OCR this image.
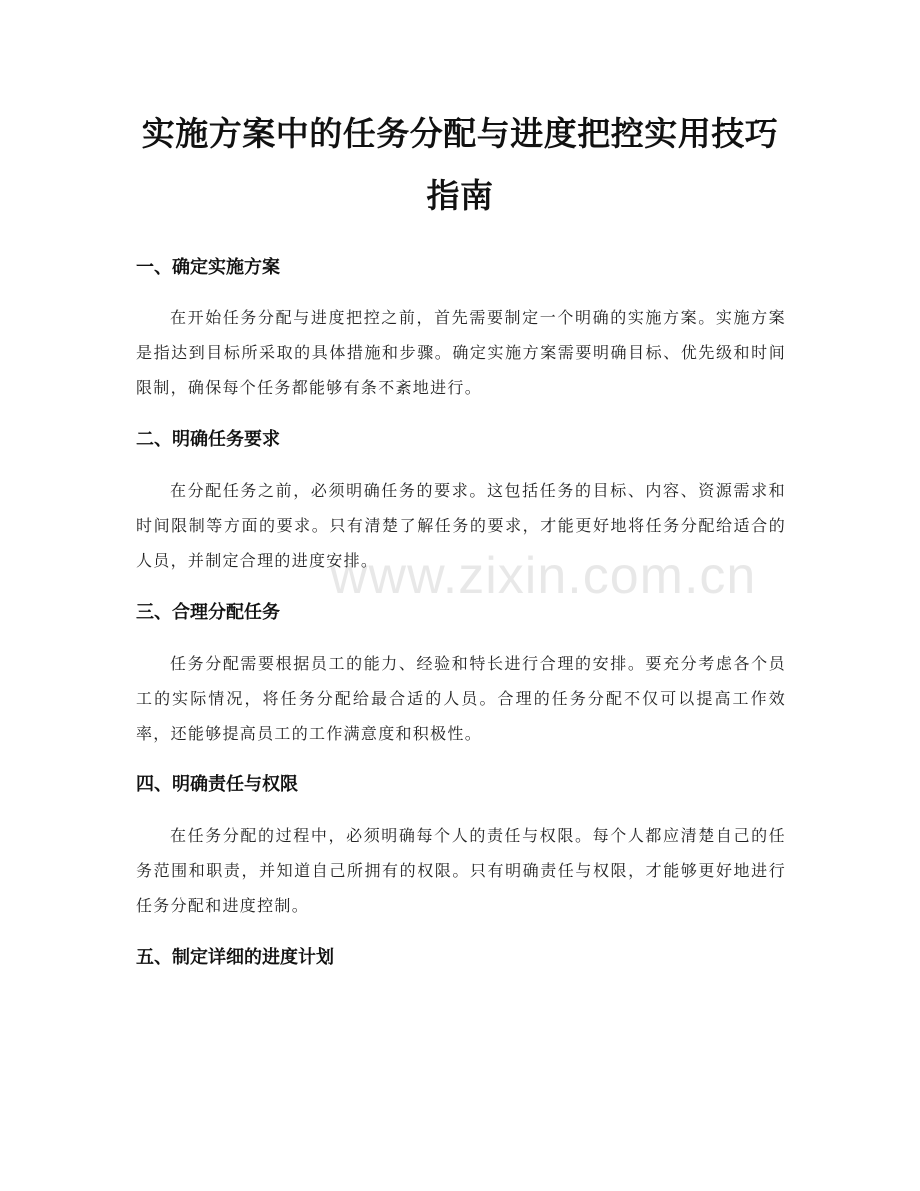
实施方案中的任务分配与进度把控实用技巧
指南
一、确定实施方案
在开始任务分配与进度把控之前，首先需要制定一个明确的实施方案。实施方案是指达到目标所采取的具体措施和步骤。确定实施方案需要明确目标、优先级和时间限制，确保每个任务都能够有条不紊地进行。
二、明确任务要求
在分配任务之前，必须明确任务的要求。这包括任务的目标、内容、资源需求和时间限制等方面的要求。只有清楚了解任务的要求，才能更好地将任务分配给适合的人员，并制定合理的进度安排。
三、合理分配任务
任务分配需要根据员工的能力、经验和特长进行合理的安排。要充分考虑各个员工的实际情况，将任务分配给最合适的人员。合理的任务分配不仅可以提高工作效率，还能够提高员工的工作满意度和积极性。
四、明确责任与权限
在任务分配的过程中，必须明确每个人的责任与权限。每个人都应清楚自己的任务范围和职责，并知道自己所拥有的权限。只有明确责任与权限，才能够更好地进行任务分配和进度控制。
五、制定详细的进度计划
www.zixin.com.cn
